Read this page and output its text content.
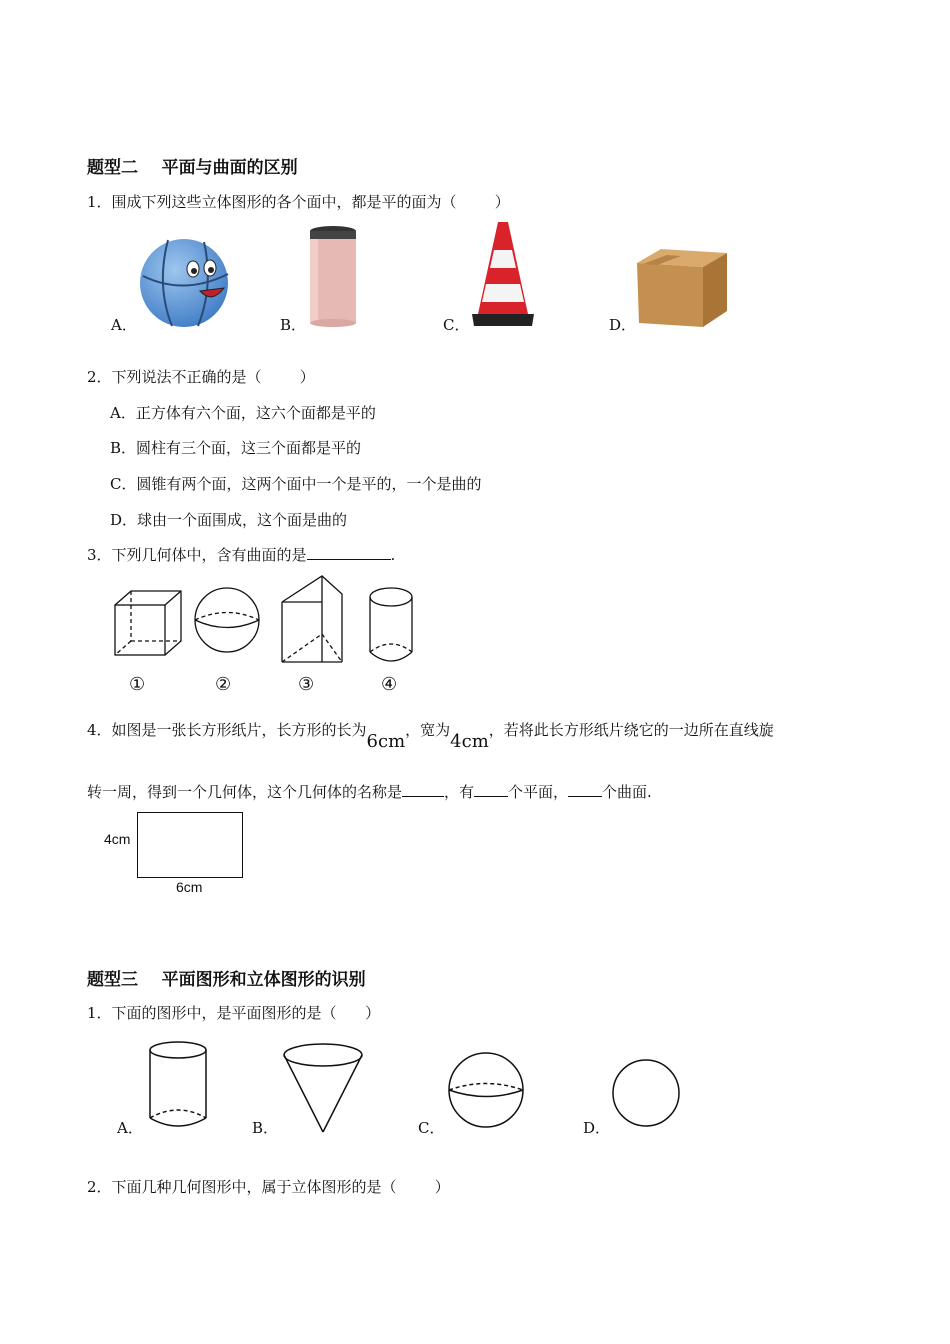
题型二    平面与曲面的区别
1．围成下列这些立体图形的各个面中，都是平的面为（        ）
A．	B．	C．	D．
2．下列说法不正确的是（        ）
A．正方体有六个面，这六个面都是平的
B．圆柱有三个面，这三个面都是平的
C．圆锥有两个面，这两个面中一个是平的，一个是曲的
D．球由一个面围成，这个面是曲的
3．下列几何体中，含有曲面的是	.
①	②	③	④
4．如图是一张长方形纸片，长方形的长为6cm，宽为4cm，若将此长方形纸片绕它的一边所在直线旋
转一周，得到一个几何体，这个几何体的名称是	，有 个平面， 个曲面.
4cm
6cm
题型三    平面图形和立体图形的识别
1．下面的图形中，是平面图形的是（      ）
A．	B．	C．	D．
2．下面几种几何图形中，属于立体图形的是（        ）
